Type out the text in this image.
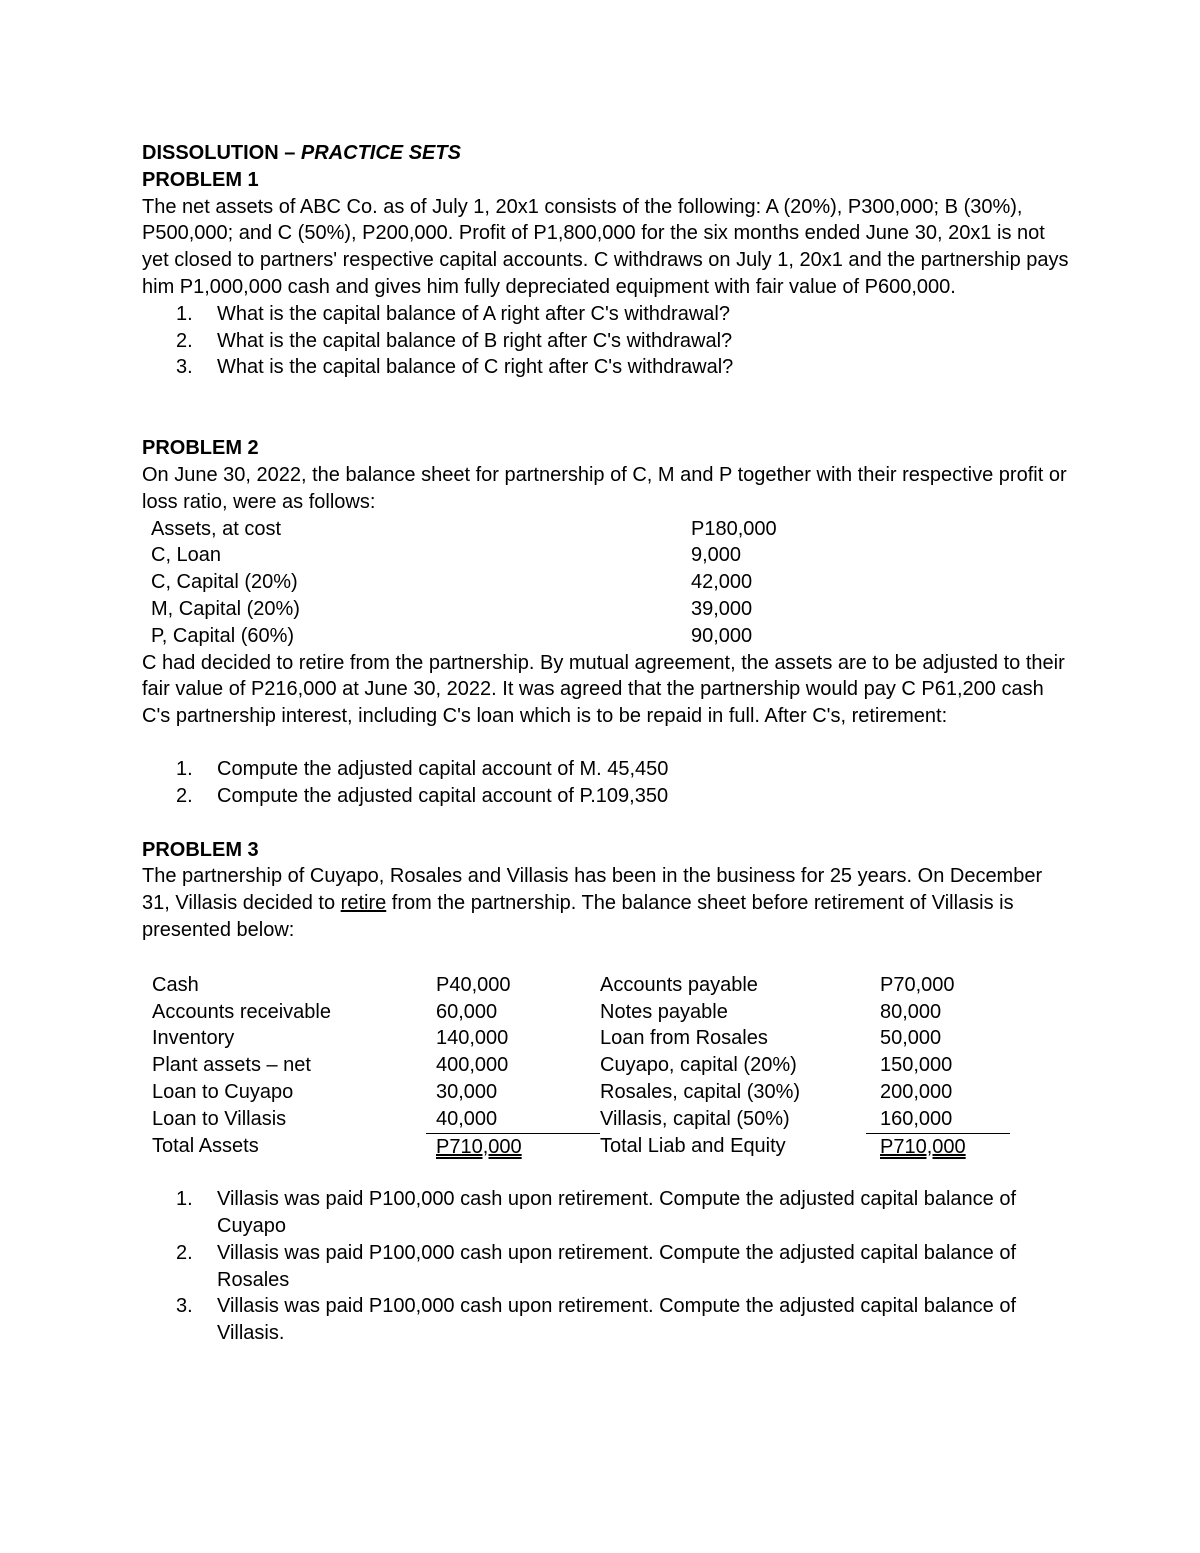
DISSOLUTION – PRACTICE SETS
PROBLEM 1

The net assets of ABC Co. as of July 1, 20x1 consists of the following: A (20%), P300,000; B (30%), P500,000; and C (50%), P200,000. Profit of P1,800,000 for the six months ended June 30, 20x1 is not yet closed to partners' respective capital accounts. C withdraws on July 1, 20x1 and the partnership pays him P1,000,000 cash and gives him fully depreciated equipment with fair value of P600,000.

1. What is the capital balance of A right after C's withdrawal?
2. What is the capital balance of B right after C's withdrawal?
3. What is the capital balance of C right after C's withdrawal?
PROBLEM 2

On June 30, 2022, the balance sheet for partnership of C, M and P together with their respective profit or loss ratio, were as follows:

Assets, at cost	P180,000
C, Loan	9,000
C, Capital (20%)	42,000
M, Capital (20%)	39,000
P, Capital (60%)	90,000

C had decided to retire from the partnership. By mutual agreement, the assets are to be adjusted to their fair value of P216,000 at June 30, 2022. It was agreed that the partnership would pay C P61,200 cash C's partnership interest, including C's loan which is to be repaid in full. After C's, retirement:

1. Compute the adjusted capital account of M. 45,450
2. Compute the adjusted capital account of P.109,350
PROBLEM 3

The partnership of Cuyapo, Rosales and Villasis has been in the business for 25 years. On December 31, Villasis decided to retire from the partnership. The balance sheet before retirement of Villasis is presented below:

Cash	P40,000	Accounts payable	P70,000
Accounts receivable	60,000	Notes payable	80,000
Inventory	140,000	Loan from Rosales	50,000
Plant assets – net	400,000	Cuyapo, capital (20%)	150,000
Loan to Cuyapo	30,000	Rosales, capital (30%)	200,000
Loan to Villasis	40,000	Villasis, capital (50%)	160,000
Total Assets	P710,000	Total Liab and Equity	P710,000
1. Villasis was paid P100,000 cash upon retirement. Compute the adjusted capital balance of Cuyapo
2. Villasis was paid P100,000 cash upon retirement. Compute the adjusted capital balance of Rosales
3. Villasis was paid P100,000 cash upon retirement. Compute the adjusted capital balance of Villasis.
